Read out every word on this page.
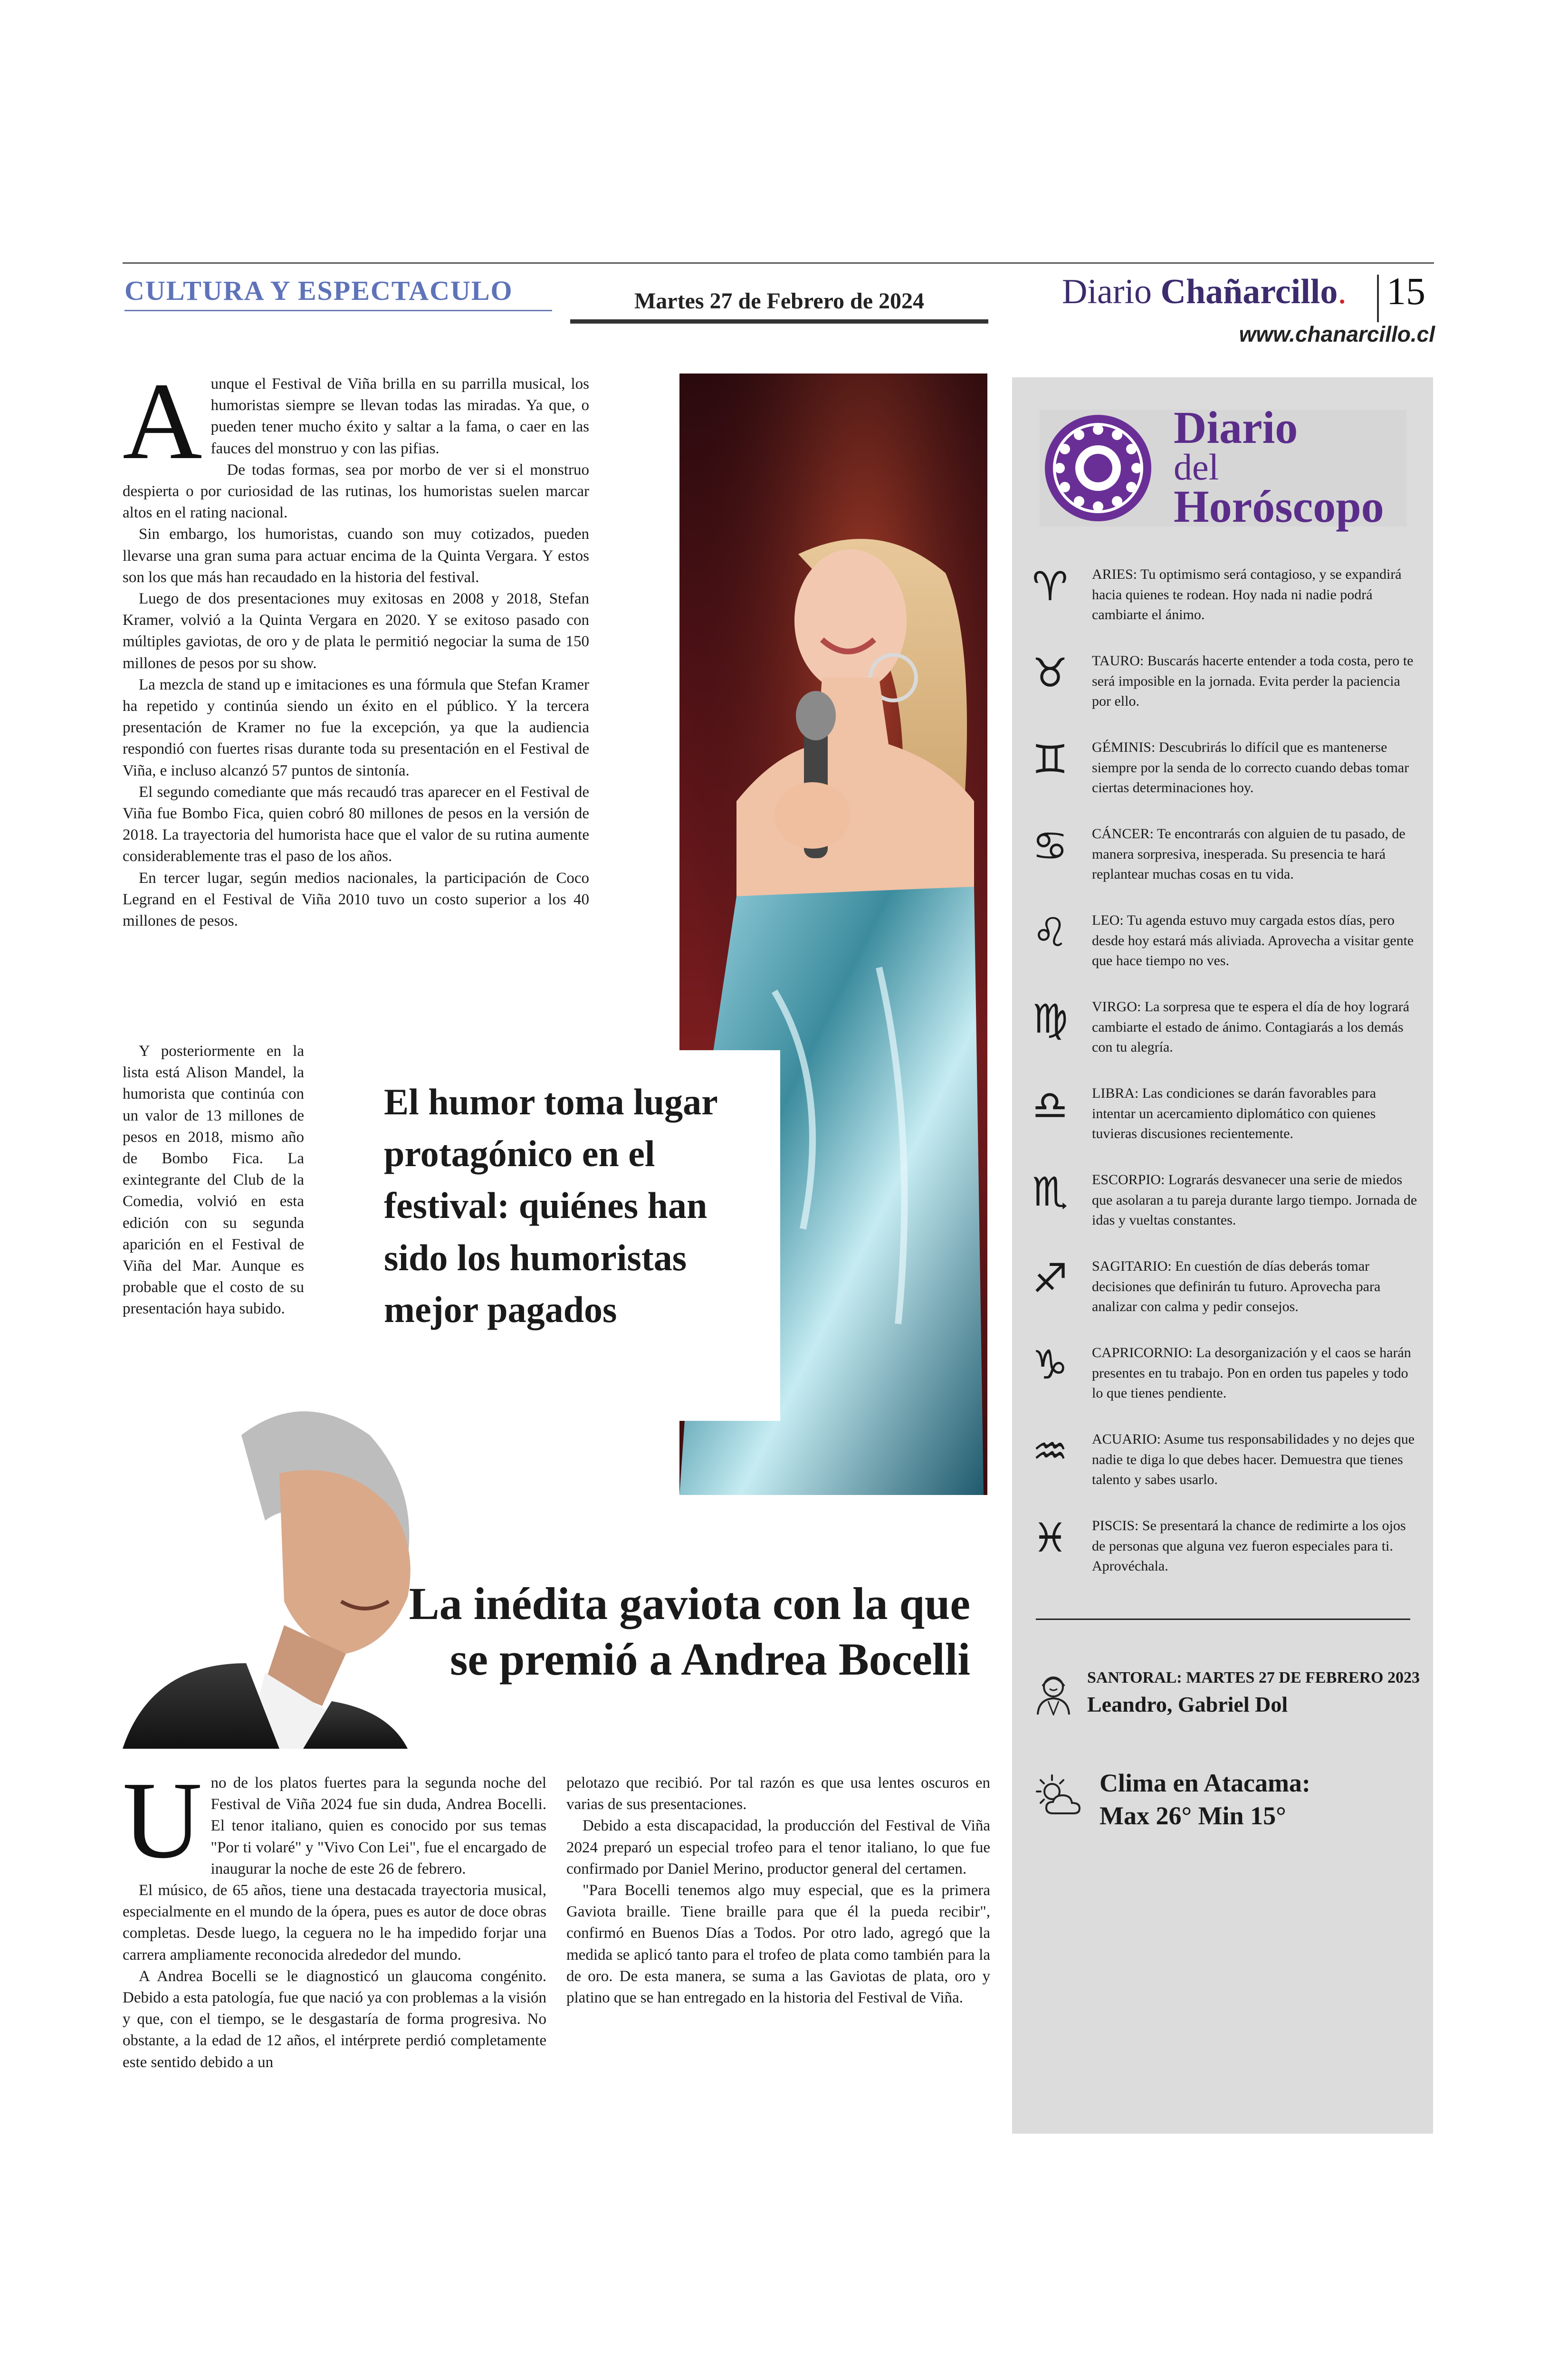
CULTURA Y ESPECTACULO	Martes 27 de Febrero de 2024	Diario Chañarcillo. 15
www.chanarcillo.cl
A unque el Festival de Viña brilla en su parrilla musical, los humoristas siempre se llevan todas las miradas. Ya que, o pueden tener mucho éxito y saltar a la fama, o caer en las fauces del monstruo y con las pifias.

De todas formas, sea por morbo de ver si el monstruo despierta o por curiosidad de las rutinas, los humoristas suelen marcar altos en el rating nacional.

Sin embargo, los humoristas, cuando son muy cotizados, pueden llevarse una gran suma para actuar encima de la Quinta Vergara. Y estos son los que más han recaudado en la historia del festival.

Luego de dos presentaciones muy exitosas en 2008 y 2018, Stefan Kramer, volvió a la Quinta Vergara en 2020. Y se exitoso pasado con múltiples gaviotas, de oro y de plata le permitió negociar la suma de 150 millones de pesos por su show.

La mezcla de stand up e imitaciones es una fórmula que Stefan Kramer ha repetido y continúa siendo un éxito en el público. Y la tercera presentación de Kramer no fue la excepción, ya que la audiencia respondió con fuertes risas durante toda su presentación en el Festival de Viña, e incluso alcanzó 57 puntos de sintonía.

El segundo comediante que más recaudó tras aparecer en el Festival de Viña fue Bombo Fica, quien cobró 80 millones de pesos en la versión de 2018. La trayectoria del humorista hace que el valor de su rutina aumente considerablemente tras el paso de los años.

En tercer lugar, según medios nacionales, la participación de Coco Legrand en el Festival de Viña 2010 tuvo un costo superior a los 40 millones de pesos.

Y posteriormente en la lista está Alison Mandel, la humorista que continúa con un valor de 13 millones de pesos en 2018, mismo año de Bombo Fica. La exintegrante del Club de la Comedia, volvió en esta edición con su segunda aparición en el Festival de Viña del Mar. Aunque es probable que el costo de su presentación haya subido.

El humor toma lugar protagónico en el festival: quiénes han sido los humoristas mejor pagados
La inédita gaviota con la que se premió a Andrea Bocelli
U no de los platos fuertes para la segunda noche del Festival de Viña 2024 fue sin duda, Andrea Bocelli. El tenor italiano, quien es conocido por sus temas "Por ti volaré" y "Vivo Con Lei", fue el encargado de inaugurar la noche de este 26 de febrero.

El músico, de 65 años, tiene una destacada trayectoria musical, especialmente en el mundo de la ópera, pues es autor de doce obras completas. Desde luego, la ceguera no le ha impedido forjar una carrera ampliamente reconocida alrededor del mundo.

A Andrea Bocelli se le diagnosticó un glaucoma congénito. Debido a esta patología, fue que nació ya con problemas a la visión y que, con el tiempo, se le desgastaría de forma progresiva. No obstante, a la edad de 12 años, el intérprete perdió completamente este sentido debido a un

pelotazo que recibió. Por tal razón es que usa lentes oscuros en varias de sus presentaciones.

Debido a esta discapacidad, la producción del Festival de Viña 2024 preparó un especial trofeo para el tenor italiano, lo que fue confirmado por Daniel Merino, productor general del certamen.

"Para Bocelli tenemos algo muy especial, que es la primera Gaviota braille. Tiene braille para que él la pueda recibir", confirmó en Buenos Días a Todos. Por otro lado, agregó que la medida se aplicó tanto para el trofeo de plata como también para la de oro. De esta manera, se suma a las Gaviotas de plata, oro y platino que se han entregado en la historia del Festival de Viña.

Diario
del
Horóscopo
♈	ARIES: Tu optimismo será contagioso, y se expandirá hacia quienes te rodean. Hoy nada ni nadie podrá cambiarte el ánimo.
♉	TAURO: Buscarás hacerte entender a toda costa, pero te será imposible en la jornada. Evita perder la paciencia por ello.
♊	GÉMINIS: Descubrirás lo difícil que es mantenerse siempre por la senda de lo correcto cuando debas tomar ciertas determinaciones hoy.
♋	CÁNCER: Te encontrarás con alguien de tu pasado, de manera sorpresiva, inesperada. Su presencia te hará replantear muchas cosas en tu vida.
♌	LEO: Tu agenda estuvo muy cargada estos días, pero desde hoy estará más aliviada. Aprovecha a visitar gente que hace tiempo no ves.
♍	VIRGO: La sorpresa que te espera el día de hoy logrará cambiarte el estado de ánimo. Contagiarás a los demás con tu alegría.
♎	LIBRA: Las condiciones se darán favorables para intentar un acercamiento diplomático con quienes tuvieras discusiones recientemente.
♏	ESCORPIO: Lograrás desvanecer una serie de miedos que asolaran a tu pareja durante largo tiempo. Jornada de idas y vueltas constantes.
♐	SAGITARIO: En cuestión de días deberás tomar decisiones que definirán tu futuro. Aprovecha para analizar con calma y pedir consejos.
♑	CAPRICORNIO: La desorganización y el caos se harán presentes en tu trabajo. Pon en orden tus papeles y todo lo que tienes pendiente.
♒	ACUARIO: Asume tus responsabilidades y no dejes que nadie te diga lo que debes hacer. Demuestra que tienes talento y sabes usarlo.
♓	PISCIS: Se presentará la chance de redimirte a los ojos de personas que alguna vez fueron especiales para ti. Aprovéchala.
SANTORAL: MARTES 27 DE FEBRERO 2023
Leandro, Gabriel Dol
Clima en Atacama:
Max 26° Min 15°
